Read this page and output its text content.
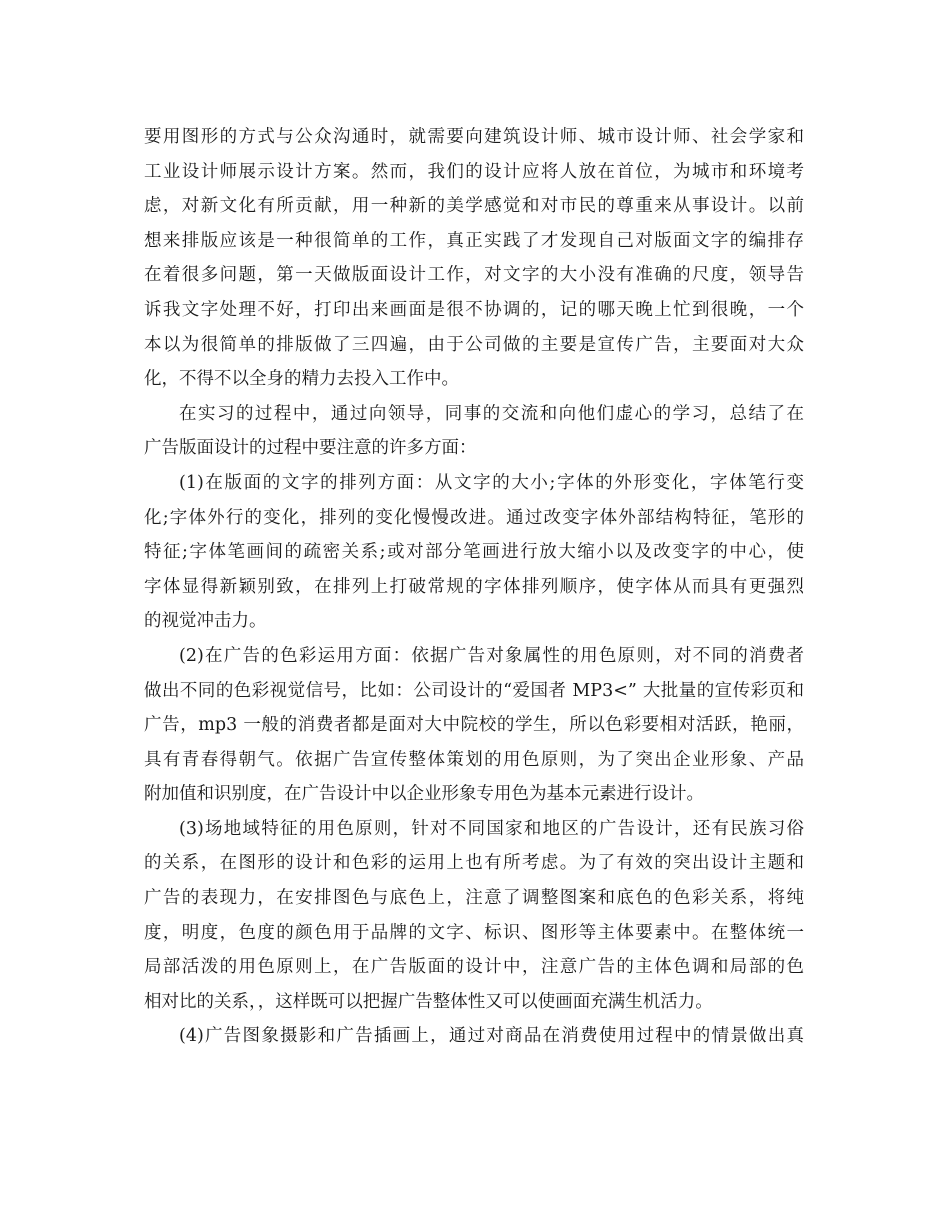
要用图形的方式与公众沟通时，就需要向建筑设计师、城市设计师、社会学家和
工业设计师展示设计方案。然而，我们的设计应将人放在首位，为城市和环境考
虑，对新文化有所贡献，用一种新的美学感觉和对市民的尊重来从事设计。以前
想来排版应该是一种很简单的工作，真正实践了才发现自己对版面文字的编排存
在着很多问题，第一天做版面设计工作，对文字的大小没有准确的尺度，领导告
诉我文字处理不好，打印出来画面是很不协调的，记的哪天晚上忙到很晚，一个
本以为很简单的排版做了三四遍，由于公司做的主要是宣传广告，主要面对大众
化，不得不以全身的精力去投入工作中。
在实习的过程中，通过向领导，同事的交流和向他们虚心的学习，总结了在
广告版面设计的过程中要注意的许多方面：
(1)在版面的文字的排列方面：从文字的大小;字体的外形变化，字体笔行变
化;字体外行的变化，排列的变化慢慢改进。通过改变字体外部结构特征，笔形的
特征;字体笔画间的疏密关系;或对部分笔画进行放大缩小以及改变字的中心，使
字体显得新颖别致，在排列上打破常规的字体排列顺序，使字体从而具有更强烈
的视觉冲击力。
(2)在广告的色彩运用方面：依据广告对象属性的用色原则，对不同的消费者
做出不同的色彩视觉信号，比如：公司设计的“爱国者 MP3<” 大批量的宣传彩页和
广告，mp3 一般的消费者都是面对大中院校的学生，所以色彩要相对活跃，艳丽，
具有青春得朝气。依据广告宣传整体策划的用色原则，为了突出企业形象、产品
附加值和识别度，在广告设计中以企业形象专用色为基本元素进行设计。
(3)场地域特征的用色原则，针对不同国家和地区的广告设计，还有民族习俗
的关系，在图形的设计和色彩的运用上也有所考虑。为了有效的突出设计主题和
广告的表现力，在安排图色与底色上，注意了调整图案和底色的色彩关系，将纯
度，明度，色度的颜色用于品牌的文字、标识、图形等主体要素中。在整体统一
局部活泼的用色原则上，在广告版面的设计中，注意广告的主体色调和局部的色
相对比的关系，，这样既可以把握广告整体性又可以使画面充满生机活力。
(4)广告图象摄影和广告插画上，通过对商品在消费使用过程中的情景做出真
